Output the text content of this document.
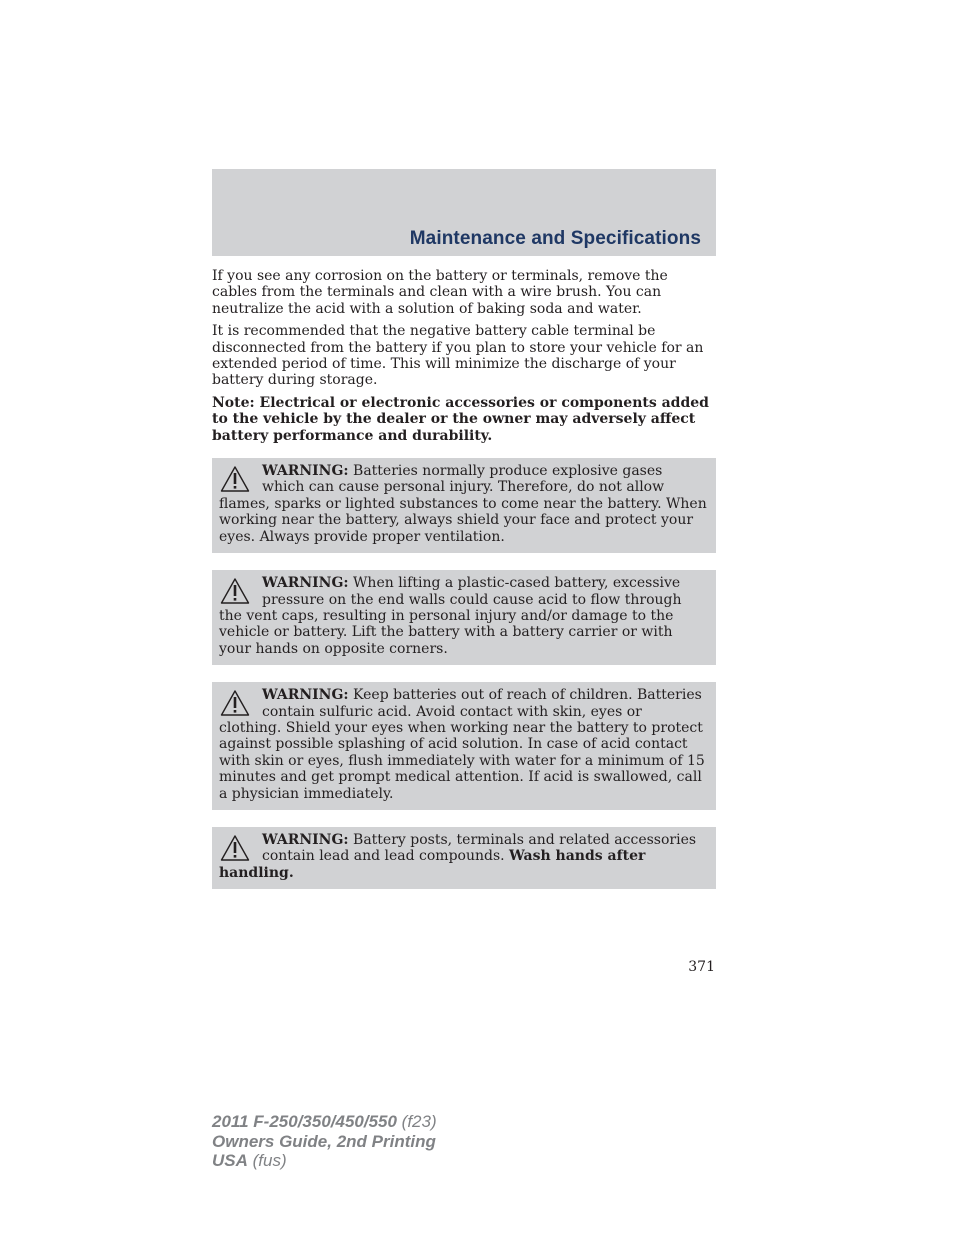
Maintenance and Specifications

If you see any corrosion on the battery or terminals, remove the cables from the terminals and clean with a wire brush. You can neutralize the acid with a solution of baking soda and water.

It is recommended that the negative battery cable terminal be disconnected from the battery if you plan to store your vehicle for an extended period of time. This will minimize the discharge of your battery during storage.

Note: Electrical or electronic accessories or components added to the vehicle by the dealer or the owner may adversely affect battery performance and durability.

WARNING: Batteries normally produce explosive gases which can cause personal injury. Therefore, do not allow flames, sparks or lighted substances to come near the battery. When working near the battery, always shield your face and protect your eyes. Always provide proper ventilation.
WARNING: When lifting a plastic-cased battery, excessive pressure on the end walls could cause acid to flow through the vent caps, resulting in personal injury and/or damage to the vehicle or battery. Lift the battery with a battery carrier or with your hands on opposite corners.
WARNING: Keep batteries out of reach of children. Batteries contain sulfuric acid. Avoid contact with skin, eyes or clothing. Shield your eyes when working near the battery to protect against possible splashing of acid solution. In case of acid contact with skin or eyes, flush immediately with water for a minimum of 15 minutes and get prompt medical attention. If acid is swallowed, call a physician immediately.
WARNING: Battery posts, terminals and related accessories contain lead and lead compounds. Wash hands after handling.
371
2011 F-250/350/450/550 (f23)
Owners Guide, 2nd Printing
USA (fus)
